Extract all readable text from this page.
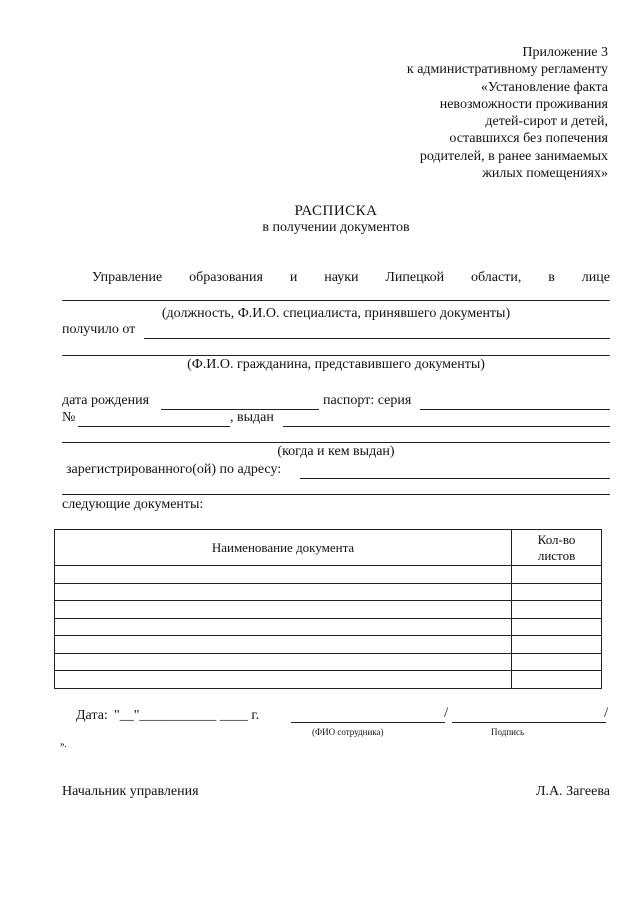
Приложение 3
к административному регламенту
«Установление факта
невозможности проживания
детей-сирот и детей,
оставшихся без попечения
родителей, в ранее занимаемых
жилых помещениях»
РАСПИСКА
в получении документов
Управление образования и науки Липецкой области, в лице
(должность, Ф.И.О. специалиста, принявшего документы)
получило от
(Ф.И.О. гражданина, представившего документы)
дата рождения	паспорт: серия
№	, выдан
(когда и кем выдан)
зарегистрированного(ой) по адресу:
следующие документы:
Наименование документа	Кол-во листов

Дата: "__"___________ ____ г.	/	/
(ФИО сотрудника)	Подпись
».
Начальник управления	Л.А. Загеева
